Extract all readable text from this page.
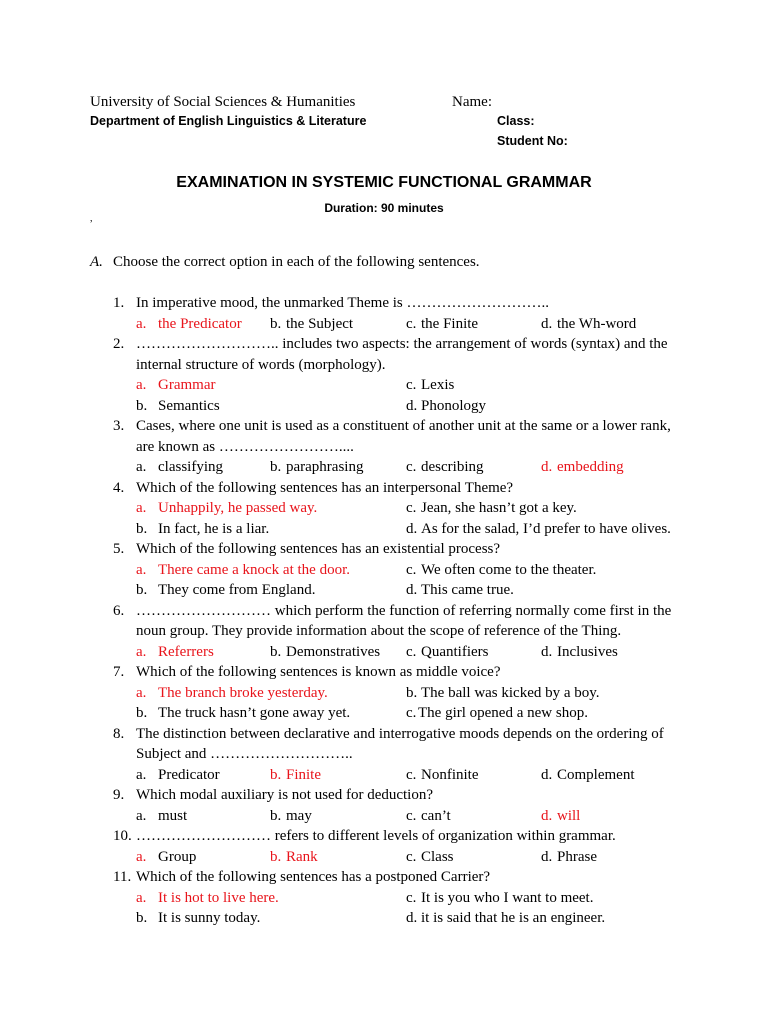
University of Social Sciences & Humanities
Department of English Linguistics & Literature
Name:
Class:
Student No:
EXAMINATION IN SYSTEMIC FUNCTIONAL GRAMMAR
Duration: 90 minutes
,
A. Choose the correct option in each of the following sentences.
1. In imperative mood, the unmarked Theme is ………………………..
a. the Predicator b. the Subject	c. the Finite	d. the Wh-word
2. ……………………….. includes two aspects: the arrangement of words (syntax) and the
internal structure of words (morphology).
a. Grammar	c. Lexis
b. Semantics	d. Phonology
3. Cases, where one unit is used as a constituent of another unit at the same or a lower rank,
are known as ……………………....
a. classifying	b. paraphrasing	c. describing	d. embedding
4. Which of the following sentences has an interpersonal Theme?
a. Unhappily, he passed way.	c. Jean, she hasn’t got a key.
b. In fact, he is a liar.	d. As for the salad, I’d prefer to have olives.
5. Which of the following sentences has an existential process?
a. There came a knock at the door.	c. We often come to the theater.
b. They come from England.	d. This came true.
6. ……………………… which perform the function of referring normally come first in the
noun group. They provide information about the scope of reference of the Thing.
a. Referrers	b. Demonstratives c. Quantifiers	d. Inclusives
7. Which of the following sentences is known as middle voice?
a. The branch broke yesterday.	b. The ball was kicked by a boy.
b. The truck hasn’t gone away yet.	c. The girl opened a new shop.
8. The distinction between declarative and interrogative moods depends on the ordering of
Subject and ………………………..
a. Predicator	b. Finite	c. Nonfinite	d. Complement
9. Which modal auxiliary is not used for deduction?
a. must	b. may	c. can’t	d. will
10. ……………………… refers to different levels of organization within grammar.
a. Group	b. Rank	c. Class	d. Phrase
11. Which of the following sentences has a postponed Carrier?
a. It is hot to live here.	c. It is you who I want to meet.
b. It is sunny today.	d. it is said that he is an engineer.
